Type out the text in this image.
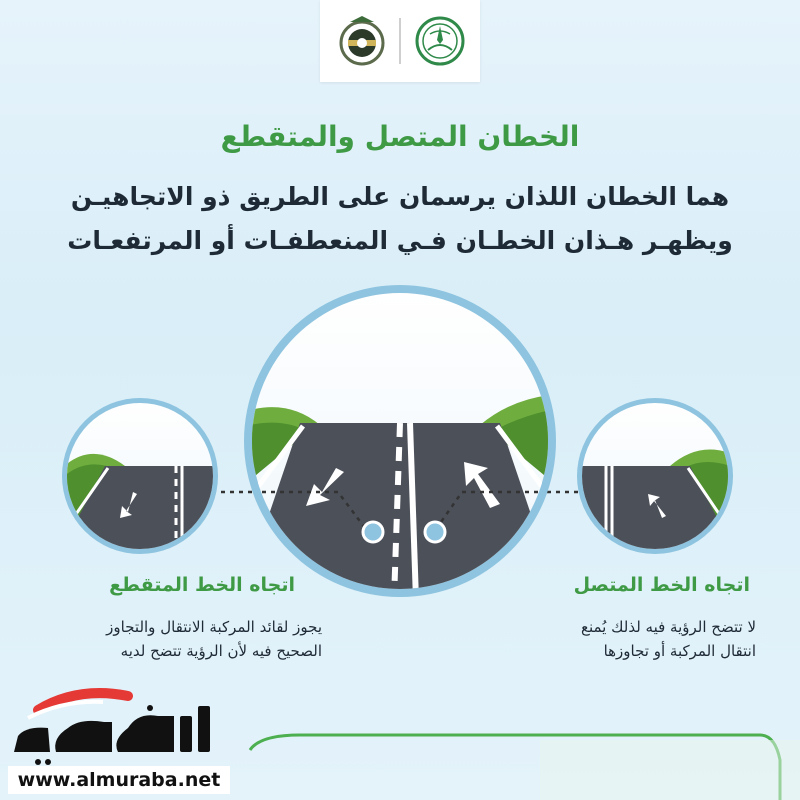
الخطان المتصل والمتقطع
هما الخطان اللذان يرسمان على الطريق ذو الاتجاهيـن
ويظهـر هـذان الخطـان فـي المنعطفـات أو المرتفعـات
اتجاه الخط المتقطع
يجوز لقائد المركبة الانتقال والتجاوز
الصحيح فيه لأن الرؤية تتضح لديه
اتجاه الخط المتصل
لا تتضح الرؤية فيه لذلك يُمنع
انتقال المركبة أو تجاوزها
www.almuraba.net
